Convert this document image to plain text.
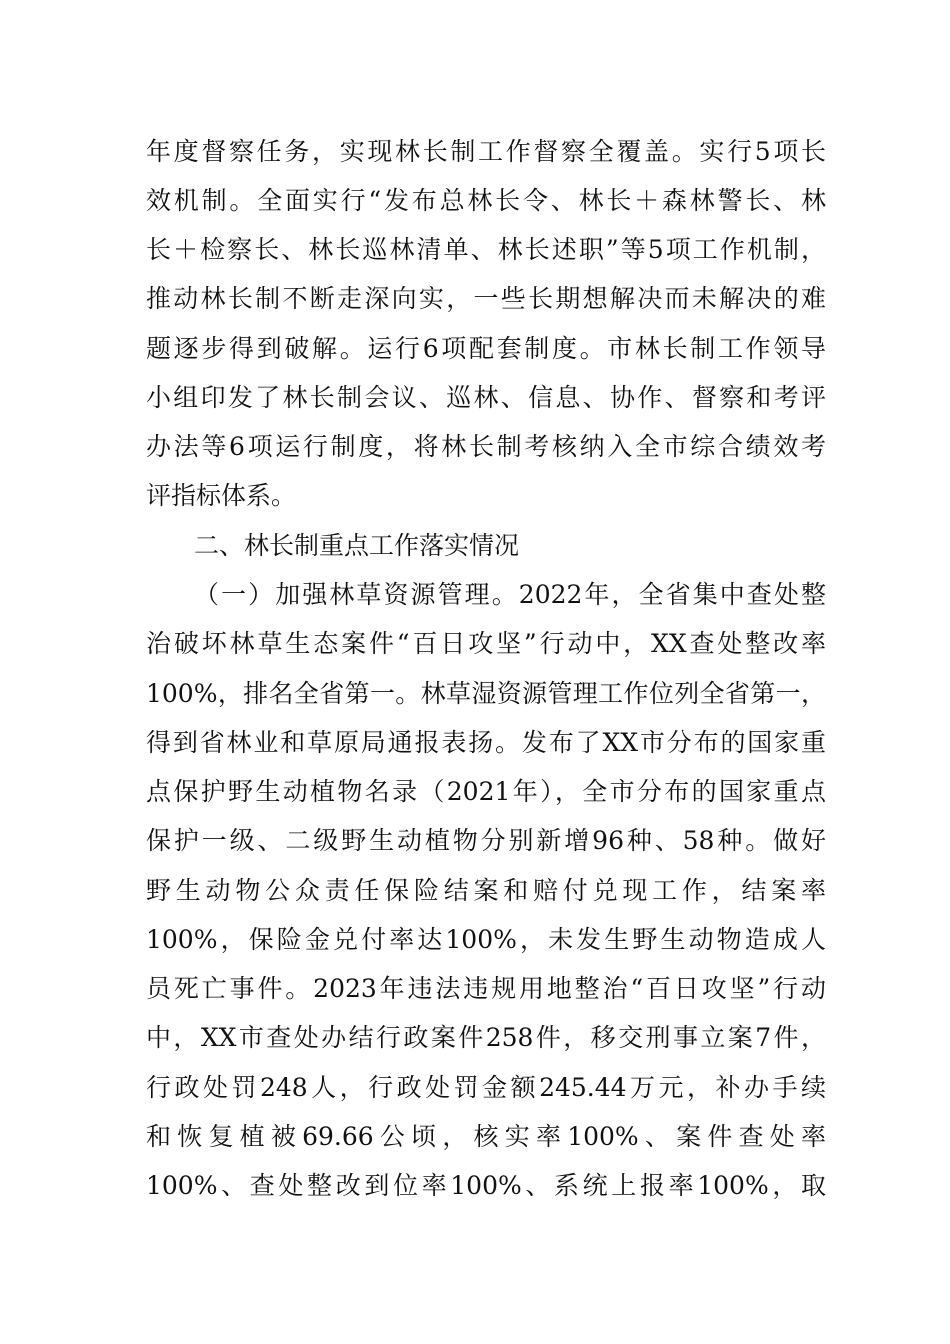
年度督察任务，实现林长制工作督察全覆盖。实行5项长
效机制。全面实行“发布总林长令、林长＋森林警长、林
长＋检察长、林长巡林清单、林长述职”等5项工作机制，
推动林长制不断走深向实，一些长期想解决而未解决的难
题逐步得到破解。运行6项配套制度。市林长制工作领导
小组印发了林长制会议、巡林、信息、协作、督察和考评
办法等6项运行制度，将林长制考核纳入全市综合绩效考
评指标体系。
二、林长制重点工作落实情况
（一）加强林草资源管理。2022年，全省集中查处整
治破坏林草生态案件“百日攻坚”行动中，XX查处整改率
100%，排名全省第一。林草湿资源管理工作位列全省第一，
得到省林业和草原局通报表扬。发布了XX市分布的国家重
点保护野生动植物名录（2021年），全市分布的国家重点
保护一级、二级野生动植物分别新增96种、58种。做好
野生动物公众责任保险结案和赔付兑现工作，结案率
100%，保险金兑付率达100%，未发生野生动物造成人
员死亡事件。2023年违法违规用地整治“百日攻坚”行动
中，XX市查处办结行政案件258件，移交刑事立案7件，
行政处罚248人，行政处罚金额245.44万元，补办手续
和恢复植被69.66公顷，核实率100%、案件查处率
100%、查处整改到位率100%、系统上报率100%，取
